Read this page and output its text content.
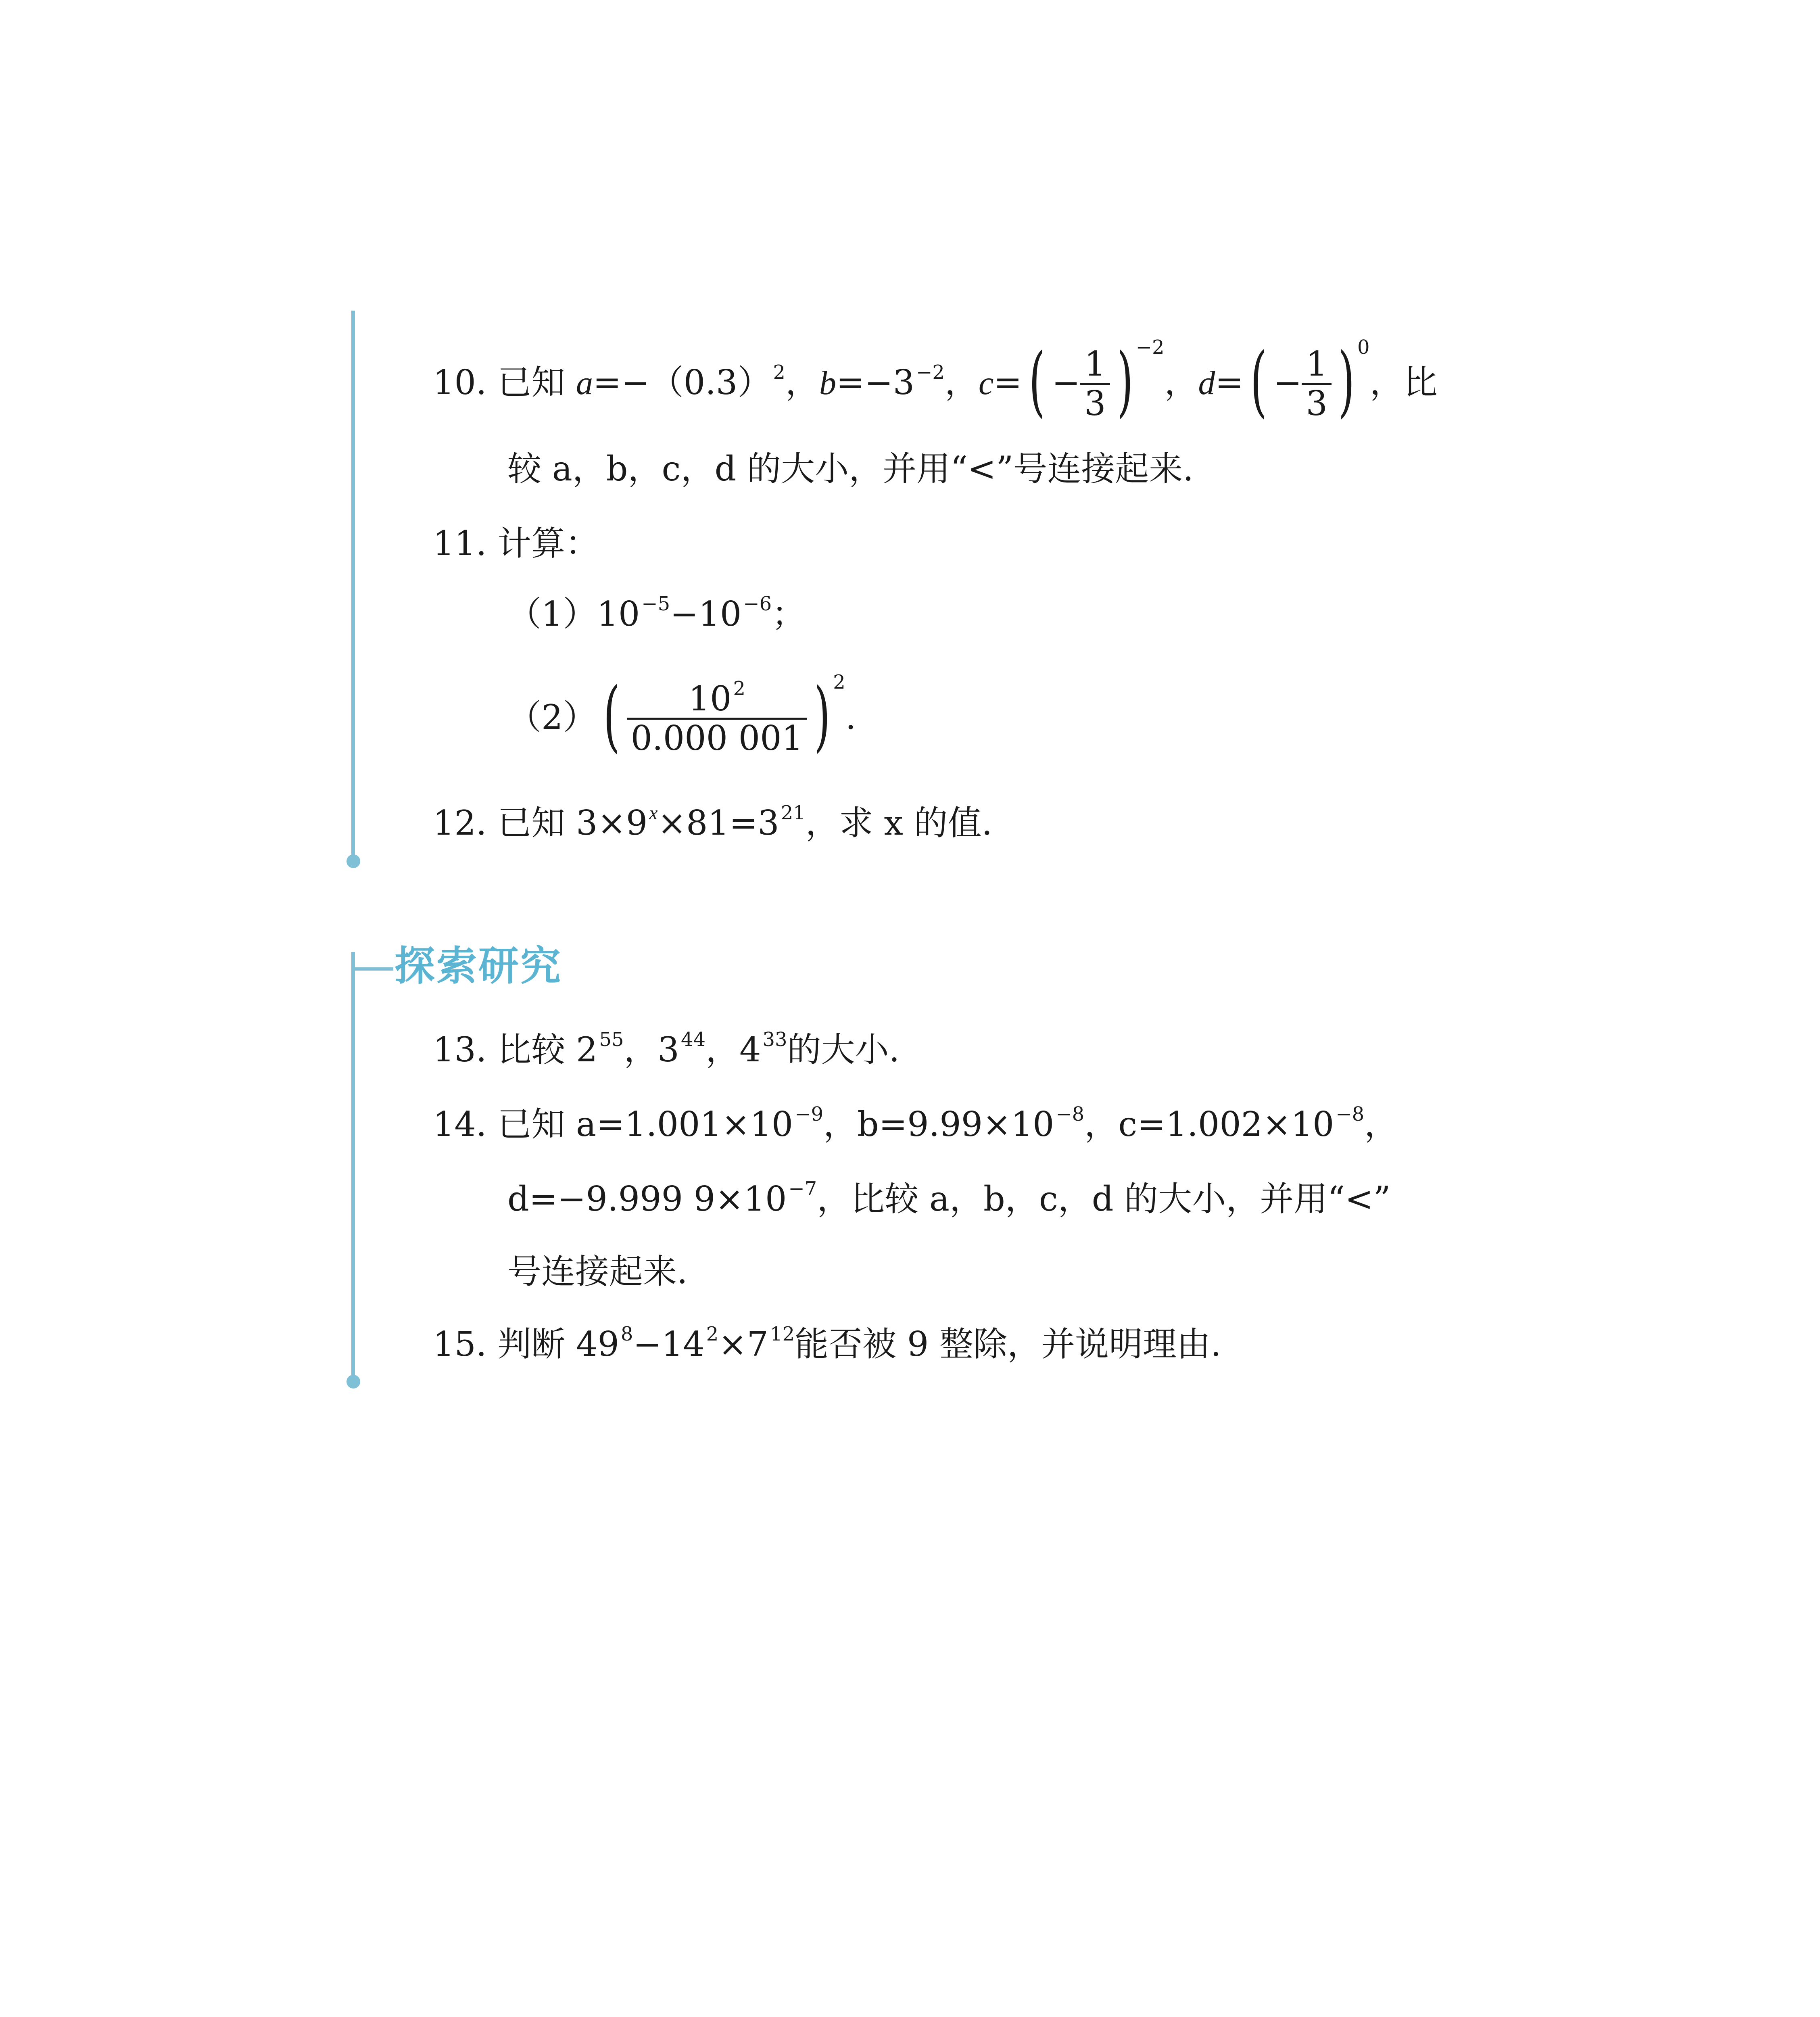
10. 已知 $a=-(0.3)^2$，$b=-3^{-2}$，$c=( - \frac{1}{3}$ ) $^{-2}$，$d=( - \frac{1}{3}$ ) $^0$，比
较 a，b，c，d 的大小，并用“<”号连接起来.
11. 计算：
$(1)10^{-5}-10^{-6}$；
$(2)( \frac{10^2}{0.000 001}$ ) $^2$.
12. 已知 $3\times 9^x\times 81=3^{21}$，求 x 的值.
探索研究
13. 比较 $2^{55}$，$3^{44}$，$4^{33}$的大小.
14. 已知 $a=1.001\times 10^{-9}$，$b=9.99\times 10^{-8}$，$c=1.002\times 10^{-8}$，
d=−9.999 $9\times 10^{-7}$，比较 a，b，c，d 的大小，并用“<”
号连接起来.
15. 判断 $49^8-14^2\times 7^{12}$能否被 9 整除，并说明理由.
